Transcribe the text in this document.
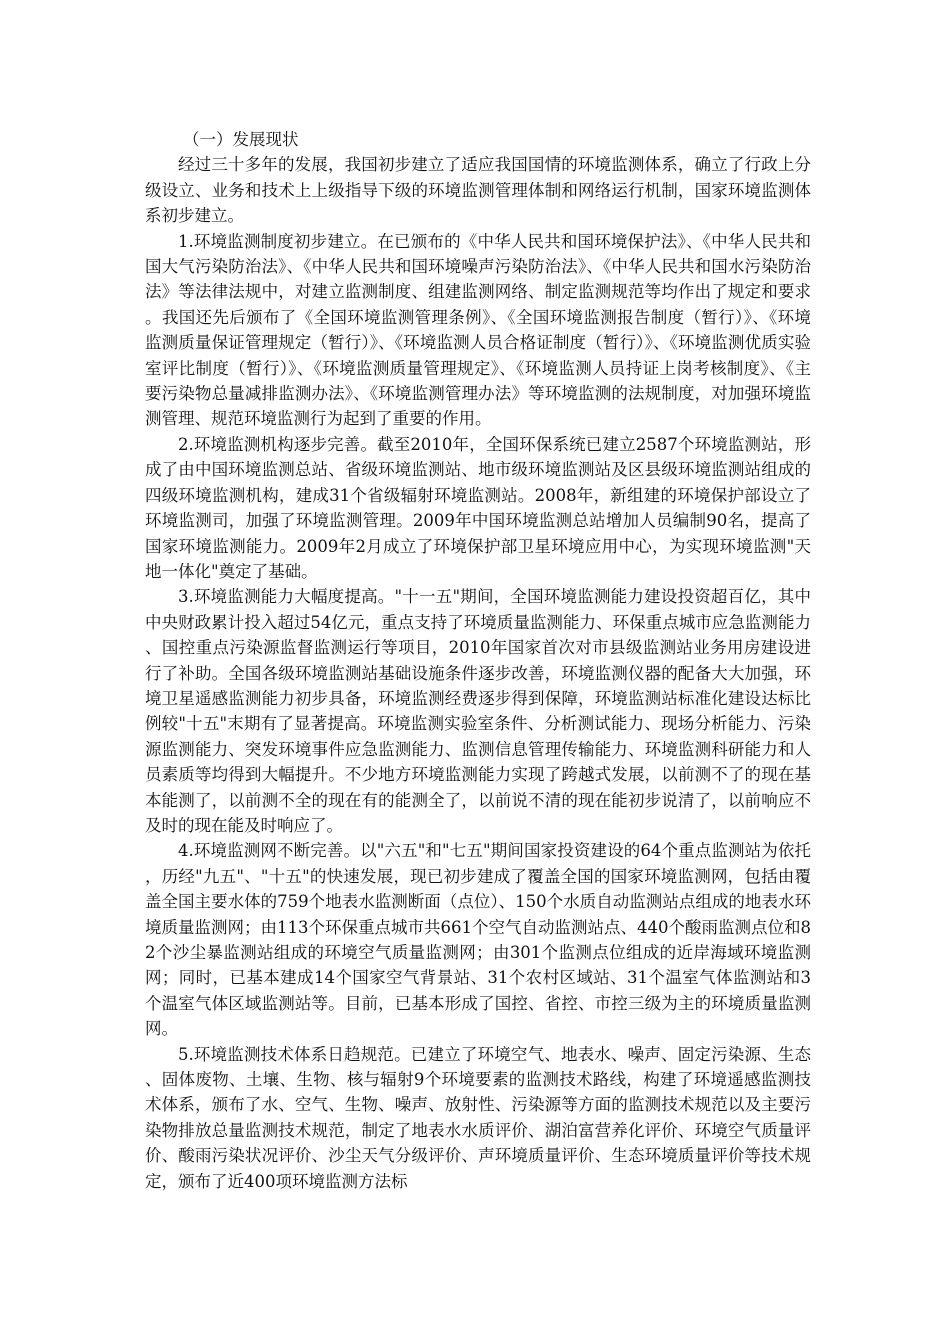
（一）发展现状

经过三十多年的发展，我国初步建立了适应我国国情的环境监测体系，确立了行政上分级设立、业务和技术上上级指导下级的环境监测管理体制和网络运行机制，国家环境监测体系初步建立。

1.环境监测制度初步建立。在已颁布的《中华人民共和国环境保护法》、《中华人民共和国大气污染防治法》、《中华人民共和国环境噪声污染防治法》、《中华人民共和国水污染防治法》等法律法规中，对建立监测制度、组建监测网络、制定监测规范等均作出了规定和要求。我国还先后颁布了《全国环境监测管理条例》、《全国环境监测报告制度（暂行）》、《环境监测质量保证管理规定（暂行）》、《环境监测人员合格证制度（暂行）》、《环境监测优质实验室评比制度（暂行）》、《环境监测质量管理规定》、《环境监测人员持证上岗考核制度》、《主要污染物总量减排监测办法》、《环境监测管理办法》等环境监测的法规制度，对加强环境监测管理、规范环境监测行为起到了重要的作用。

2.环境监测机构逐步完善。截至2010年，全国环保系统已建立2587个环境监测站，形成了由中国环境监测总站、省级环境监测站、地市级环境监测站及区县级环境监测站组成的四级环境监测机构，建成31个省级辐射环境监测站。2008年，新组建的环境保护部设立了环境监测司，加强了环境监测管理。2009年中国环境监测总站增加人员编制90名，提高了国家环境监测能力。2009年2月成立了环境保护部卫星环境应用中心，为实现环境监测"天地一体化"奠定了基础。

3.环境监测能力大幅度提高。"十一五"期间，全国环境监测能力建设投资超百亿，其中中央财政累计投入超过54亿元，重点支持了环境质量监测能力、环保重点城市应急监测能力、国控重点污染源监督监测运行等项目，2010年国家首次对市县级监测站业务用房建设进行了补助。全国各级环境监测站基础设施条件逐步改善，环境监测仪器的配备大大加强，环境卫星遥感监测能力初步具备，环境监测经费逐步得到保障，环境监测站标准化建设达标比例较"十五"末期有了显著提高。环境监测实验室条件、分析测试能力、现场分析能力、污染源监测能力、突发环境事件应急监测能力、监测信息管理传输能力、环境监测科研能力和人员素质等均得到大幅提升。不少地方环境监测能力实现了跨越式发展，以前测不了的现在基本能测了，以前测不全的现在有的能测全了，以前说不清的现在能初步说清了，以前响应不及时的现在能及时响应了。

4.环境监测网不断完善。以"六五"和"七五"期间国家投资建设的64个重点监测站为依托，历经"九五"、"十五"的快速发展，现已初步建成了覆盖全国的国家环境监测网，包括由覆盖全国主要水体的759个地表水监测断面（点位）、150个水质自动监测站点组成的地表水环境质量监测网；由113个环保重点城市共661个空气自动监测站点、440个酸雨监测点位和82个沙尘暴监测站组成的环境空气质量监测网；由301个监测点位组成的近岸海域环境监测网；同时，已基本建成14个国家空气背景站、31个农村区域站、31个温室气体监测站和3个温室气体区域监测站等。目前，已基本形成了国控、省控、市控三级为主的环境质量监测网。

5.环境监测技术体系日趋规范。已建立了环境空气、地表水、噪声、固定污染源、生态、固体废物、土壤、生物、核与辐射9个环境要素的监测技术路线，构建了环境遥感监测技术体系，颁布了水、空气、生物、噪声、放射性、污染源等方面的监测技术规范以及主要污染物排放总量监测技术规范，制定了地表水水质评价、湖泊富营养化评价、环境空气质量评价、酸雨污染状况评价、沙尘天气分级评价、声环境质量评价、生态环境质量评价等技术规定，颁布了近400项环境监测方法标
